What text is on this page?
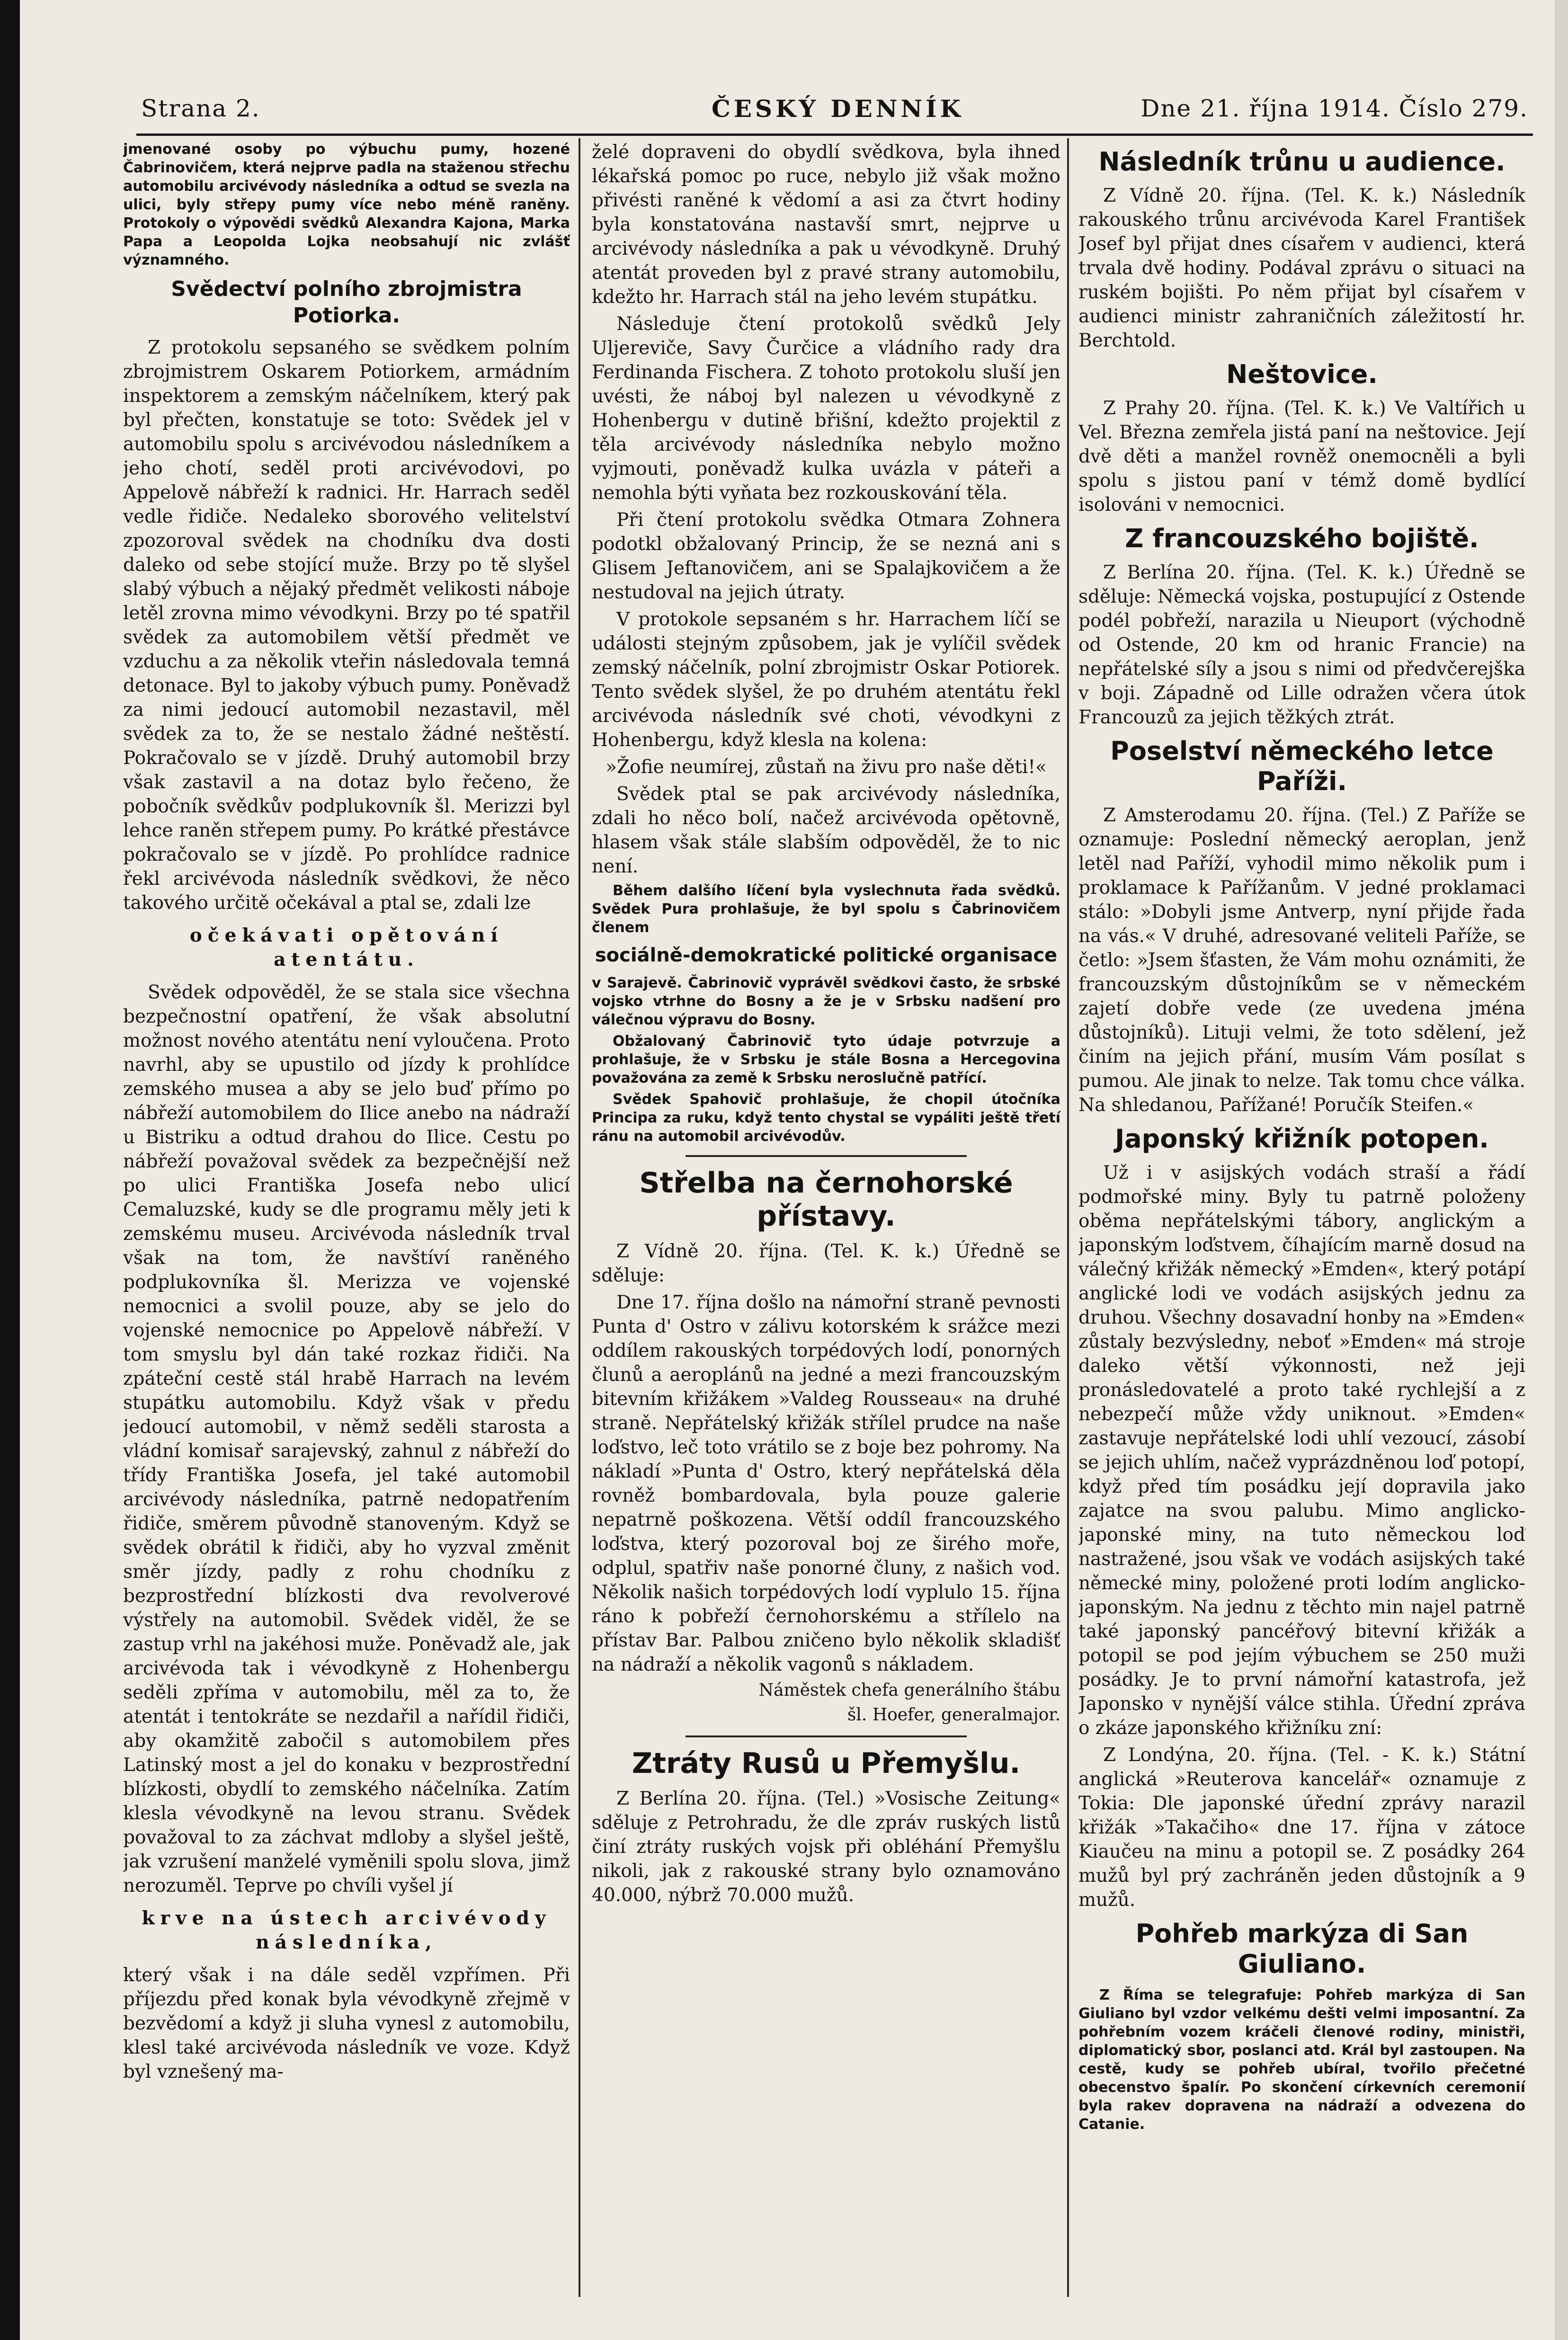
Strana 2.	ČESKÝ DENNÍK	Dne 21. října 1914. Číslo 279.

jmenované osoby po výbuchu pumy, hozené Čabrinovičem, která nejprve padla na staženou střechu automobilu arcivévody následníka a odtud se svezla na ulici, byly střepy pumy více nebo méně raněny. Protokoly o výpovědi svědků Alexandra Kajona, Marka Papa a Leopolda Lojka neobsahují nic zvlášť významného.

Svědectví polního zbrojmistra Potiorka.

Z protokolu sepsaného se svědkem polním zbrojmistrem Oskarem Potiorkem, armádním inspektorem a zemským náčelníkem, který pak byl přečten, konstatuje se toto: Svědek jel v automobilu spolu s arcivévodou následníkem a jeho chotí, seděl proti arcivévodovi, po Appelově nábřeží k radnici. Hr. Harrach seděl vedle řidiče. Nedaleko sborového velitelství zpozoroval svědek na chodníku dva dosti daleko od sebe stojící muže. Brzy po tě slyšel slabý výbuch a nějaký předmět velikosti náboje letěl zrovna mimo vévodkyni. Brzy po té spatřil svědek za automobilem větší předmět ve vzduchu a za několik vteřin následovala temná detonace. Byl to jakoby výbuch pumy. Poněvadž za nimi jedoucí automobil nezastavil, měl svědek za to, že se nestalo žádné neštěstí. Pokračovalo se v jízdě. Druhý automobil brzy však zastavil a na dotaz bylo řečeno, že pobočník svědkův podplukovník šl. Merizzi byl lehce raněn střepem pumy. Po krátké přestávce pokračovalo se v jízdě. Po prohlídce radnice řekl arcivévoda následník svědkovi, že něco takového určitě očekával a ptal se, zdali lze

očekávati opětování atentátu.

Svědek odpověděl, že se stala sice všechna bezpečnostní opatření, že však absolutní možnost nového atentátu není vyloučena. Proto navrhl, aby se upustilo od jízdy k prohlídce zemského musea a aby se jelo buď přímo po nábřeží automobilem do Ilice anebo na nádraží u Bistriku a odtud drahou do Ilice. Cestu po nábřeží považoval svědek za bezpečnější než po ulici Františka Josefa nebo ulicí Cemaluzské, kudy se dle programu měly jeti k zemskému museu. Arcivévoda následník trval však na tom, že navštíví raněného podplukovníka šl. Merizza ve vojenské nemocnici a svolil pouze, aby se jelo do vojenské nemocnice po Appelově nábřeží. V tom smyslu byl dán také rozkaz řidiči. Na zpáteční cestě stál hrabě Harrach na levém stupátku automobilu. Když však v předu jedoucí automobil, v němž seděli starosta a vládní komisař sarajevský, zahnul z nábřeží do třídy Františka Josefa, jel také automobil arcivévody následníka, patrně nedopatřením řidiče, směrem původně stanoveným. Když se svědek obrátil k řidiči, aby ho vyzval změnit směr jízdy, padly z rohu chodníku z bezprostřední blízkosti dva revolverové výstřely na automobil. Svědek viděl, že se zastup vrhl na jakéhosi muže. Poněvadž ale, jak arcivévoda tak i vévodkyně z Hohenbergu seděli zpříma v automobilu, měl za to, že atentát i tentokráte se nezdařil a nařídil řidiči, aby okamžitě zabočil s automobilem přes Latinský most a jel do konaku v bezprostřední blízkosti, obydlí to zemského náčelníka. Zatím klesla vévodkyně na levou stranu. Svědek považoval to za záchvat mdloby a slyšel ještě, jak vzrušení manželé vyměnili spolu slova, jimž nerozuměl. Teprve po chvíli vyšel jí

krve na ústech arcivévody následníka,

který však i na dále seděl vzpřímen. Při příjezdu před konak byla vévodkyně zřejmě v bezvědomí a když ji sluha vynesl z automobilu, klesl také arcivévoda následník ve voze. Když byl vznešený ma-

želé dopraveni do obydlí svědkova, byla ihned lékařská pomoc po ruce, nebylo již však možno přivésti raněné k vědomí a asi za čtvrt hodiny byla konstatována nastavší smrt, nejprve u arcivévody následníka a pak u vévodkyně. Druhý atentát proveden byl z pravé strany automobilu, kdežto hr. Harrach stál na jeho levém stupátku.

Následuje čtení protokolů svědků Jely Uljereviče, Savy Čurčice a vládního rady dra Ferdinanda Fischera. Z tohoto protokolu sluší jen uvésti, že náboj byl nalezen u vévodkyně z Hohenbergu v dutině břišní, kdežto projektil z těla arcivévody následníka nebylo možno vyjmouti, poněvadž kulka uvázla v páteři a nemohla býti vyňata bez rozkouskování těla.

Při čtení protokolu svědka Otmara Zohnera podotkl obžalovaný Princip, že se nezná ani s Glisem Jeftanovičem, ani se Spalajkovičem a že nestudoval na jejich útraty.

V protokole sepsaném s hr. Harrachem líčí se události stejným způsobem, jak je vylíčil svědek zemský náčelník, polní zbrojmistr Oskar Potiorek. Tento svědek slyšel, že po druhém atentátu řekl arcivévoda následník své choti, vévodkyni z Hohenbergu, když klesla na kolena:

»Žofie neumírej, zůstaň na živu pro naše děti!«

Svědek ptal se pak arcivévody následníka, zdali ho něco bolí, načež arcivévoda opětovně, hlasem však stále slabším odpověděl, že to nic není.

Během dalšího líčení byla vyslechnuta řada svědků. Svědek Pura prohlašuje, že byl spolu s Čabrinovičem členem

sociálně-demokratické politické organisace

v Sarajevě. Čabrinovič vyprávěl svědkovi často, že srbské vojsko vtrhne do Bosny a že je v Srbsku nadšení pro válečnou výpravu do Bosny.

Obžalovaný Čabrinovič tyto údaje potvrzuje a prohlašuje, že v Srbsku je stále Bosna a Hercegovina považována za země k Srbsku neroslučně patřící.

Svědek Spahovič prohlašuje, že chopil útočníka Principa za ruku, když tento chystal se vypáliti ještě třetí ránu na automobil arcivévodův.

Střelba na černohorské přístavy.

Z Vídně 20. října. (Tel. K. k.) Úředně se sděluje:

Dne 17. října došlo na námořní straně pevnosti Punta d' Ostro v zálivu kotorském k srážce mezi oddílem rakouských torpédových lodí, ponorných člunů a aeroplánů na jedné a mezi francouzským bitevním křižákem »Valdeg Rousseau« na druhé straně. Nepřátelský křižák střílel prudce na naše loďstvo, leč toto vrátilo se z boje bez pohromy. Na nákladí »Punta d' Ostro, který nepřátelská děla rovněž bombardovala, byla pouze galerie nepatrně poškozena. Větší oddíl francouzského loďstva, který pozoroval boj ze širého moře, odplul, spatřiv naše ponorné čluny, z našich vod. Několik našich torpédových lodí vyplulo 15. října ráno k pobřeží černohorskému a střílelo na přístav Bar. Palbou zničeno bylo několik skladišť na nádraží a několik vagonů s nákladem.

Náměstek chefa generálního štábu

šl. Hoefer, generalmajor.

Ztráty Rusů u Přemyšlu.

Z Berlína 20. října. (Tel.) »Vosische Zeitung« sděluje z Petrohradu, že dle zpráv ruských listů činí ztráty ruských vojsk při obléhání Přemyšlu nikoli, jak z rakouské strany bylo oznamováno 40.000, nýbrž 70.000 mužů.

Následník trůnu u audience.

Z Vídně 20. října. (Tel. K. k.) Následník rakouského trůnu arcivévoda Karel František Josef byl přijat dnes císařem v audienci, která trvala dvě hodiny. Podával zprávu o situaci na ruském bojišti. Po něm přijat byl císařem v audienci ministr zahraničních záležitostí hr. Berchtold.

Neštovice.

Z Prahy 20. října. (Tel. K. k.) Ve Valtířich u Vel. Března zemřela jistá paní na neštovice. Její dvě děti a manžel rovněž onemocněli a byli spolu s jistou paní v témž domě bydlící isolováni v nemocnici.

Z francouzského bojiště.

Z Berlína 20. října. (Tel. K. k.) Úředně se sděluje: Německá vojska, postupující z Ostende podél pobřeží, narazila u Nieuport (východně od Ostende, 20 km od hranic Francie) na nepřátelské síly a jsou s nimi od předvčerejška v boji. Západně od Lille odražen včera útok Francouzů za jejich těžkých ztrát.

Poselství německého letce Paříži.

Z Amsterodamu 20. října. (Tel.) Z Paříže se oznamuje: Poslední německý aeroplan, jenž letěl nad Paříží, vyhodil mimo několik pum i proklamace k Pařížanům. V jedné proklamaci stálo: »Dobyli jsme Antverp, nyní přijde řada na vás.« V druhé, adresované veliteli Paříže, se četlo: »Jsem šťasten, že Vám mohu oznámiti, že francouzským důstojníkům se v německém zajetí dobře vede (ze uvedena jména důstojníků). Lituji velmi, že toto sdělení, jež činím na jejich přání, musím Vám posílat s pumou. Ale jinak to nelze. Tak tomu chce válka. Na shledanou, Pařížané! Poručík Steifen.«

Japonský křižník potopen.

Už i v asijských vodách straší a řádí podmořské miny. Byly tu patrně položeny oběma nepřátelskými tábory, anglickým a japonským loďstvem, číhajícím marně dosud na válečný křižák německý »Emden«, který potápí anglické lodi ve vodách asijských jednu za druhou. Všechny dosavadní honby na »Emden« zůstaly bezvýsledny, neboť »Emden« má stroje daleko větší výkonnosti, než jeji pronásledovatelé a proto také rychlejší a z nebezpečí může vždy uniknout. »Emden« zastavuje nepřátelské lodi uhlí vezoucí, zásobí se jejich uhlím, načež vyprázdněnou loď potopí, když před tím posádku její dopravila jako zajatce na svou palubu. Mimo anglicko-japonské miny, na tuto německou loď nastražené, jsou však ve vodách asijských také německé miny, položené proti lodím anglicko-japonským. Na jednu z těchto min najel patrně také japonský pancéřový bitevní křižák a potopil se pod jejím výbuchem se 250 muži posádky. Je to první námořní katastrofa, jež Japonsko v nynější válce stihla. Úřední zpráva o zkáze japonského křižníku zní:

Z Londýna, 20. října. (Tel. - K. k.) Státní anglická »Reuterova kancelář« oznamuje z Tokia: Dle japonské úřední zprávy narazil křižák »Takačiho« dne 17. října v zátoce Kiaučeu na minu a potopil se. Z posádky 264 mužů byl prý zachráněn jeden důstojník a 9 mužů.

Pohřeb markýza di San Giuliano.

Z Říma se telegrafuje: Pohřeb markýza di San Giuliano byl vzdor velkému dešti velmi imposantní. Za pohřebním vozem kráčeli členové rodiny, ministři, diplomatický sbor, poslanci atd. Král byl zastoupen. Na cestě, kudy se pohřeb ubíral, tvořilo přečetné obecenstvo špalír. Po skončení církevních ceremonií byla rakev dopravena na nádraží a odvezena do Catanie.
